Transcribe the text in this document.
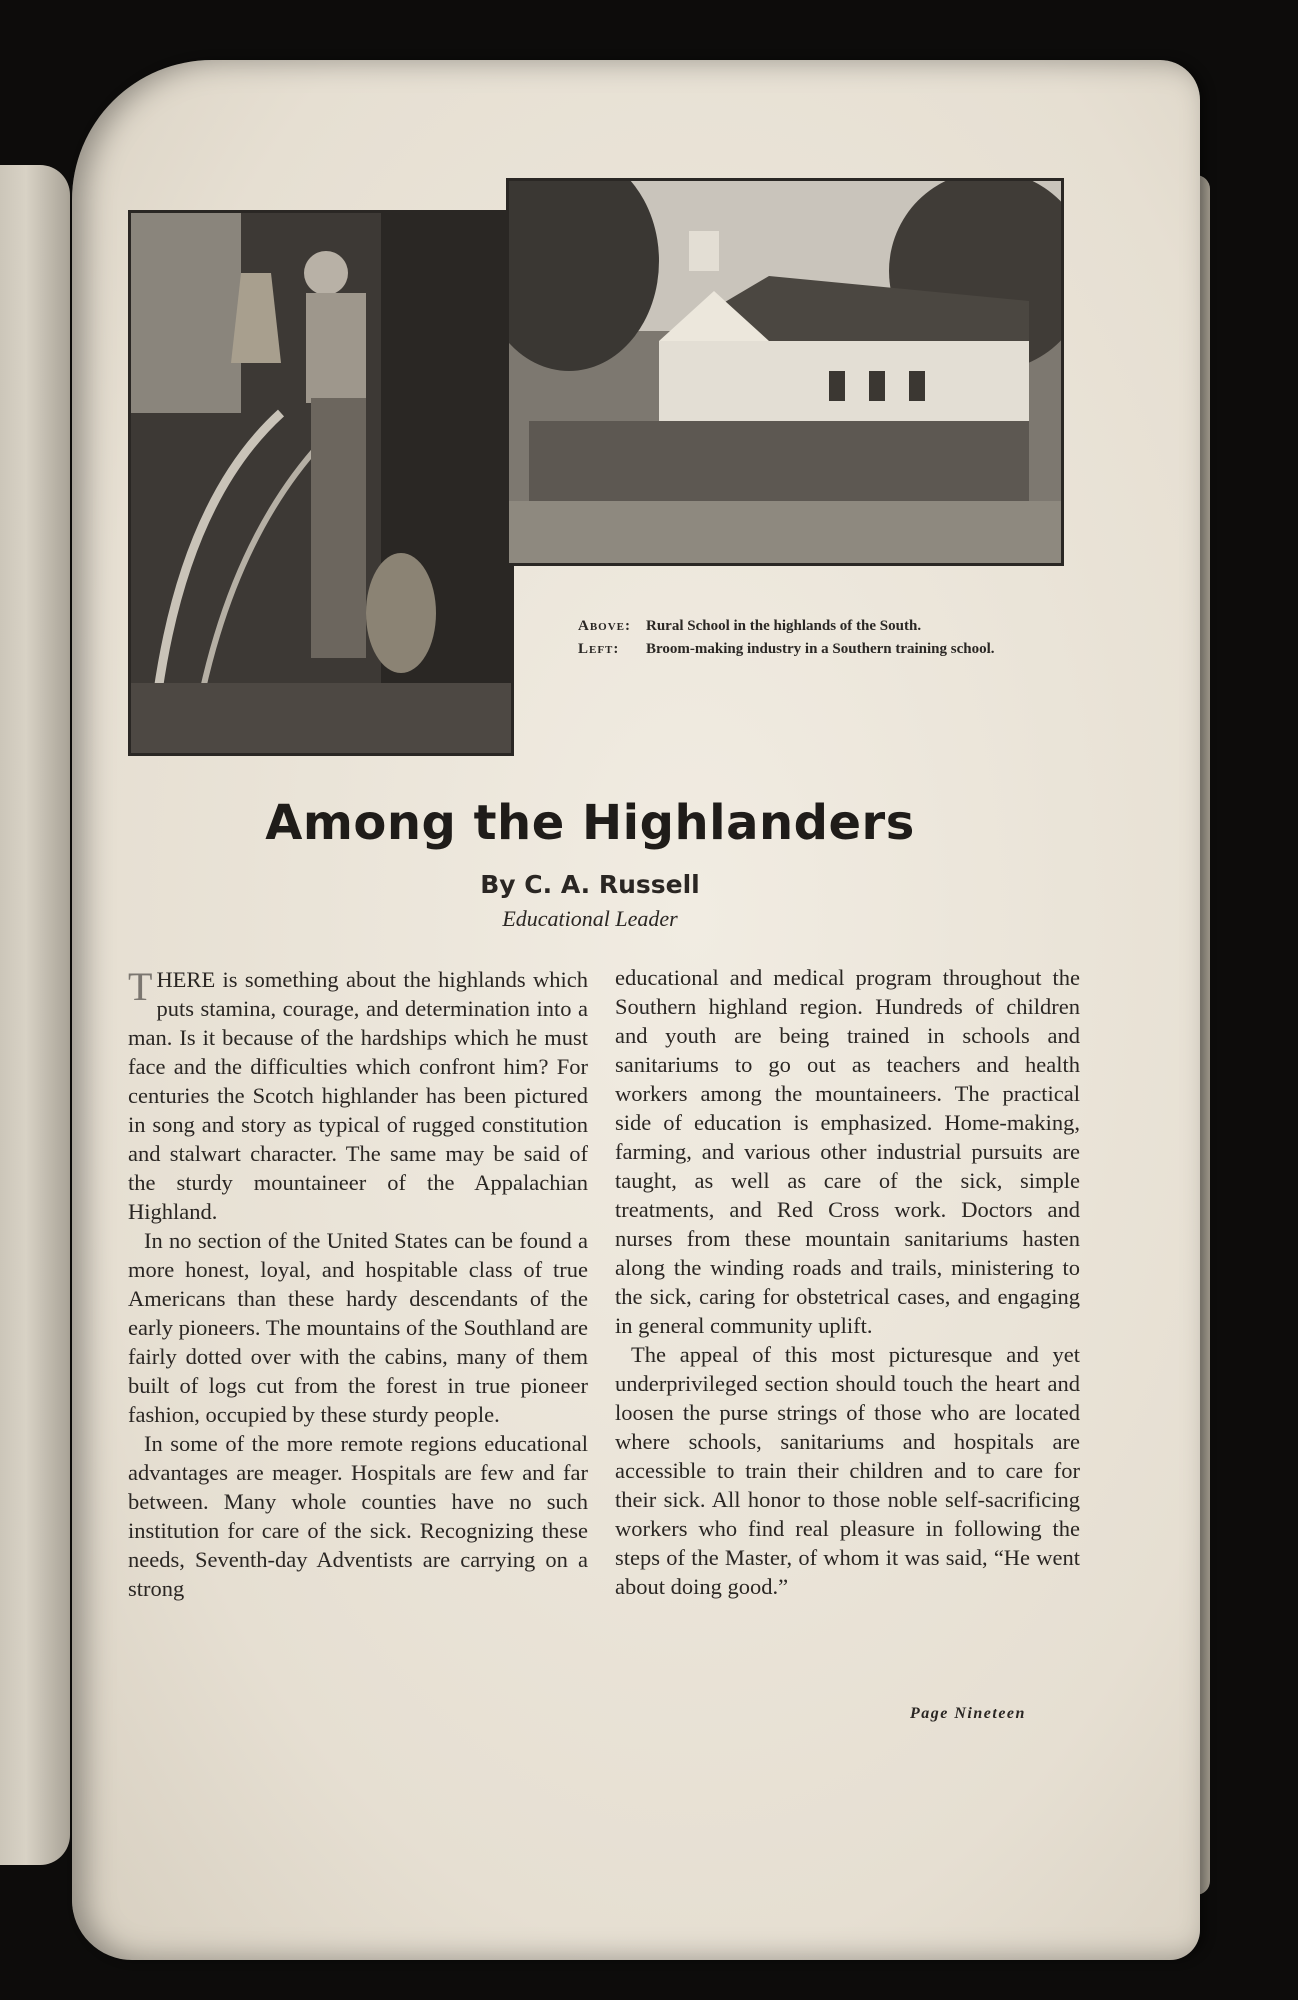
Above: Rural School in the highlands of the South.
Left:	Broom-making industry in a Southern training school.
Among the Highlanders
By C. A. Russell
Educational Leader

THERE is something about the highlands which puts stamina, courage, and determination into a man. Is it because of the hardships which he must face and the difficulties which confront him? For centuries the Scotch highlander has been pictured in song and story as typical of rugged constitution and stalwart character. The same may be said of the sturdy mountaineer of the Appalachian Highland.

In no section of the United States can be found a more honest, loyal, and hospitable class of true Americans than these hardy descendants of the early pioneers. The mountains of the Southland are fairly dotted over with the cabins, many of them built of logs cut from the forest in true pioneer fashion, occupied by these sturdy people.

In some of the more remote regions educational advantages are meager. Hospitals are few and far between. Many whole counties have no such institution for care of the sick. Recognizing these needs, Seventh-day Adventists are carrying on a strong

educational and medical program throughout the Southern highland region. Hundreds of children and youth are being trained in schools and sanitariums to go out as teachers and health workers among the mountaineers. The practical side of education is emphasized. Home-making, farming, and various other industrial pursuits are taught, as well as care of the sick, simple treatments, and Red Cross work. Doctors and nurses from these mountain sanitariums hasten along the winding roads and trails, ministering to the sick, caring for obstetrical cases, and engaging in general community uplift.

The appeal of this most picturesque and yet underprivileged section should touch the heart and loosen the purse strings of those who are located where schools, sanitariums and hospitals are accessible to train their children and to care for their sick. All honor to those noble self-sacrificing workers who find real pleasure in following the steps of the Master, of whom it was said, “He went about doing good.”

Page Nineteen
